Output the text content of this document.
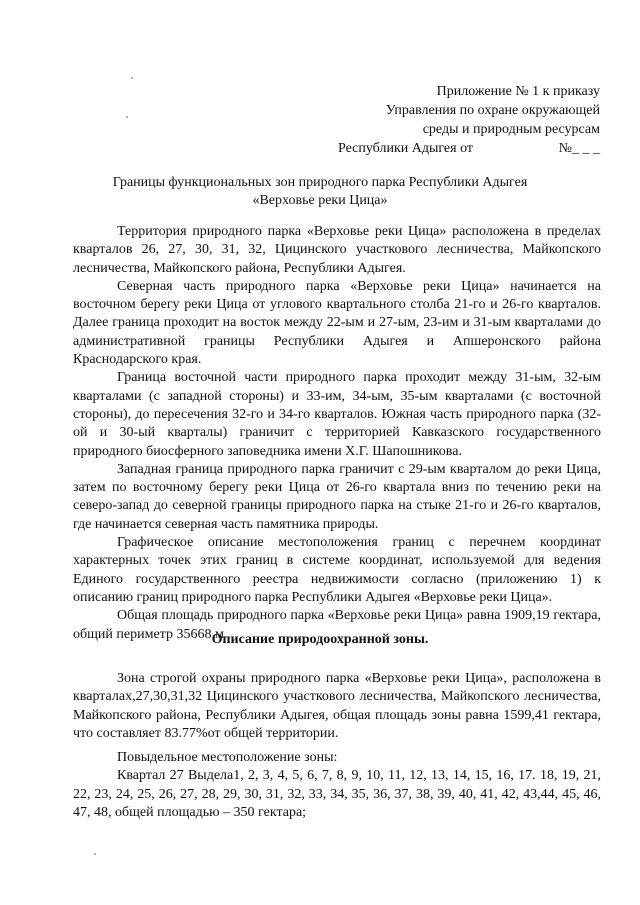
Приложение № 1 к приказу
Управления по охране окружающей
среды и природным ресурсам
Республики Адыгея от	№_ _ _
Границы функциональных зон природного парка Республики Адыгея
«Верховье реки Цица»

Территория природного парка «Верховье реки Цица» расположена в пределах кварталов 26, 27, 30, 31, 32, Цицинского участкового лесничества, Майкопского лесничества, Майкопского района, Республики Адыгея.

Северная часть природного парка «Верховье реки Цица» начинается на восточном берегу реки Цица от углового квартального столба 21-го и 26-го кварталов. Далее граница проходит на восток между 22-ым и 27-ым, 23-им и 31-ым кварталами до административной границы Республики Адыгея и Апшеронского района Краснодарского края.

Граница восточной части природного парка проходит между 31-ым, 32-ым кварталами (с западной стороны) и 33-им, 34-ым, 35-ым кварталами (с восточной стороны), до пересечения 32-го и 34-го кварталов. Южная часть природного парка (32-ой и 30-ый кварталы) граничит с территорией Кавказского государственного природного биосферного заповедника имени Х.Г. Шапошникова.

Западная граница природного парка граничит с 29-ым кварталом до реки Цица, затем по восточному берегу реки Цица от 26-го квартала вниз по течению реки на северо-запад до северной границы природного парка на стыке 21-го и 26-го кварталов, где начинается северная часть памятника природы.

Графическое описание местоположения границ с перечнем координат характерных точек этих границ в системе координат, используемой для ведения Единого государственного реестра недвижимости согласно (приложению 1) к описанию границ природного парка Республики Адыгея «Верховье реки Цица».

Общая площадь природного парка «Верховье реки Цица» равна 1909,19 гектара, общий периметр 35668 м

Описание природоохранной зоны.

Зона строгой охраны природного парка «Верховье реки Цица», расположена в кварталах,27,30,31,32 Цицинского участкового лесничества, Майкопского лесничества, Майкопского района, Республики Адыгея, общая площадь зоны равна 1599,41 гектара, что составляет 83.77%от общей территории.

Повыдельное местоположение зоны:

Квартал 27 Выдела1, 2, 3, 4, 5, 6, 7, 8, 9, 10, 11, 12, 13, 14, 15, 16, 17. 18, 19, 21, 22, 23, 24, 25, 26, 27, 28, 29, 30, 31, 32, 33, 34, 35, 36, 37, 38, 39, 40, 41, 42, 43,44, 45, 46, 47, 48, общей площадью – 350 гектара;
